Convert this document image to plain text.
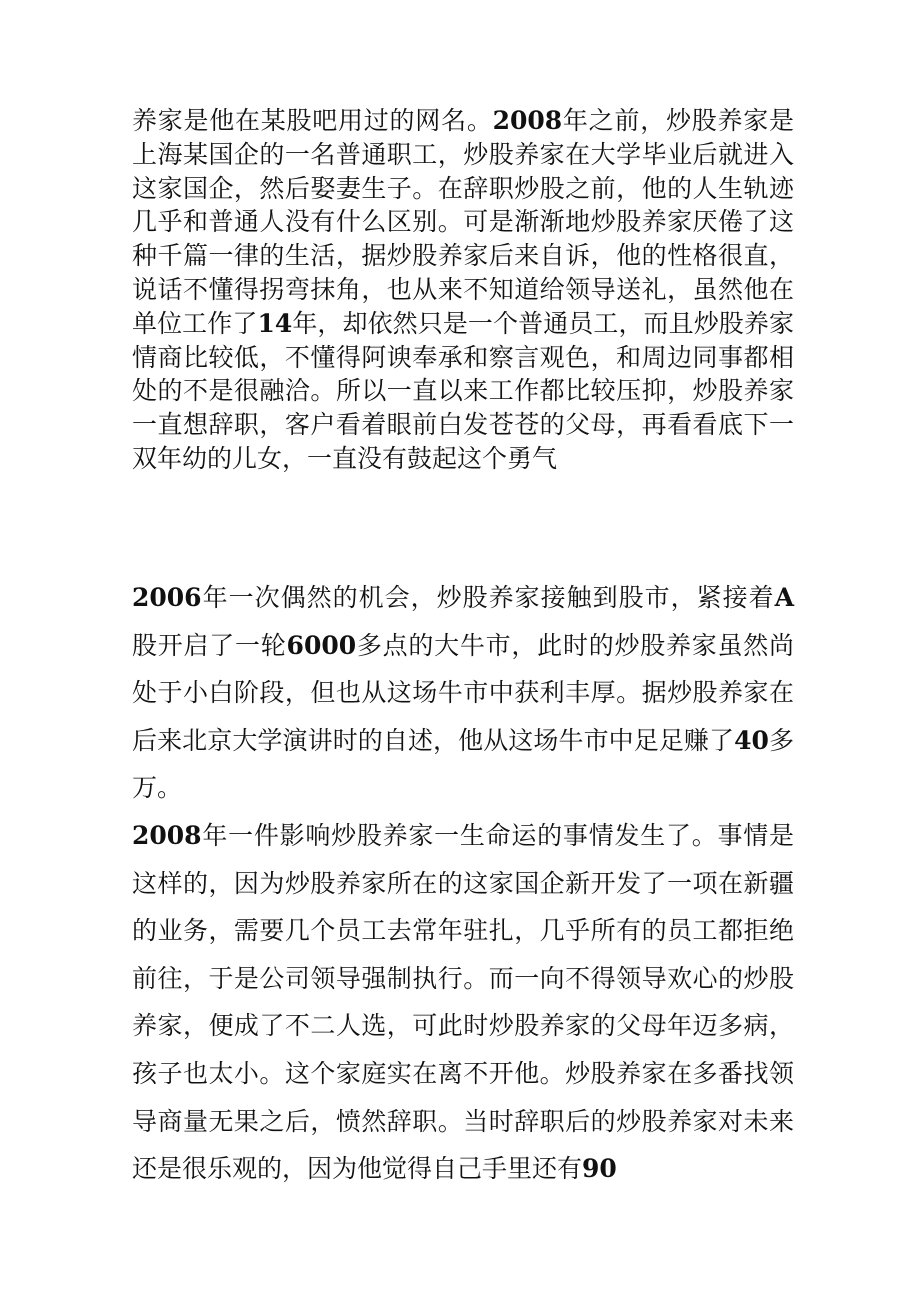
养家是他在某股吧用过的网名。2008年之前，炒股养家是上海某国企的一名普通职工，炒股养家在大学毕业后就进入这家国企，然后娶妻生子。在辞职炒股之前，他的人生轨迹几乎和普通人没有什么区别。可是渐渐地炒股养家厌倦了这种千篇一律的生活，据炒股养家后来自诉，他的性格很直，说话不懂得拐弯抹角，也从来不知道给领导送礼，虽然他在单位工作了14年，却依然只是一个普通员工，而且炒股养家情商比较低，不懂得阿谀奉承和察言观色，和周边同事都相处的不是很融洽。所以一直以来工作都比较压抑，炒股养家一直想辞职，客户看着眼前白发苍苍的父母，再看看底下一双年幼的儿女，一直没有鼓起这个勇气

2006年一次偶然的机会，炒股养家接触到股市，紧接着A股开启了一轮6000多点的大牛市，此时的炒股养家虽然尚处于小白阶段，但也从这场牛市中获利丰厚。据炒股养家在后来北京大学演讲时的自述，他从这场牛市中足足赚了40多万。

2008年一件影响炒股养家一生命运的事情发生了。事情是这样的，因为炒股养家所在的这家国企新开发了一项在新疆的业务，需要几个员工去常年驻扎，几乎所有的员工都拒绝前往，于是公司领导强制执行。而一向不得领导欢心的炒股养家，便成了不二人选，可此时炒股养家的父母年迈多病，孩子也太小。这个家庭实在离不开他。炒股养家在多番找领导商量无果之后，愤然辞职。当时辞职后的炒股养家对未来还是很乐观的，因为他觉得自己手里还有90
